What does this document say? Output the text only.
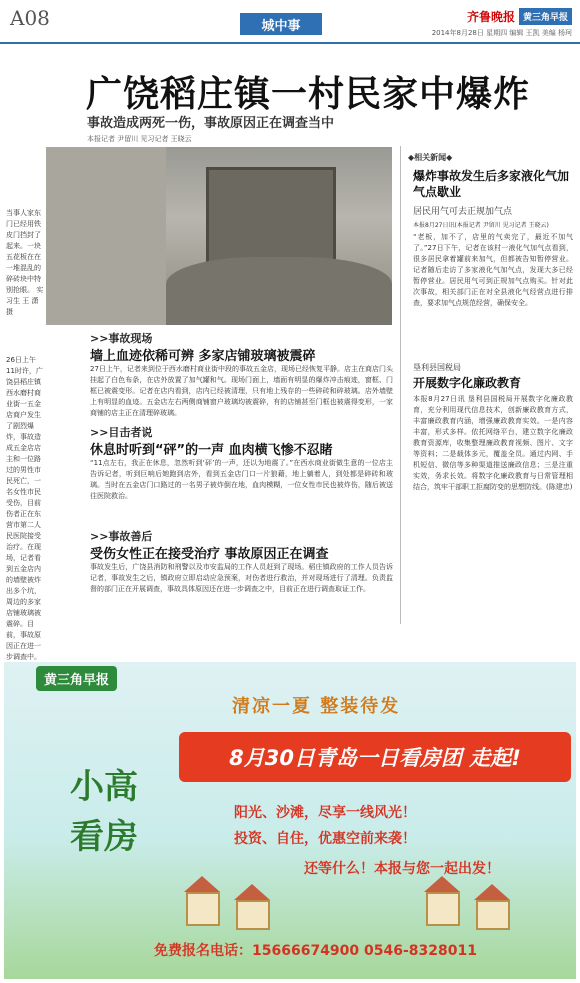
A08	城中事
齐鲁晚报 黄三角早报
2014年8月28日 星期四 编辑 王凯 美编 杨珂
广饶稻庄镇一村民家中爆炸
事故造成两死一伤，事故原因正在调查当中
本报记者 尹留川 见习记者 王晓云
当事人家东门已经用铁皮门挡封了起来。一块五花板在在一堆混乱的碎砖块中特别抢眼。 实习生 王 潇 摄
26日上午11时许，广饶县稻庄镇西水磨村商业街一五金店商户发生了剧烈爆炸，事故造成五金店店主和一位路过的男性市民死亡，一名女性市民受伤，目前伤者正在东营市第二人民医院接受治疗。在现场，记者看到五金店内的墙壁被炸出多个坑，周边的多家店铺玻璃被震碎。目前，事故原因正在进一步调查中。
>>事故现场
墙上血迹依稀可辨 多家店铺玻璃被震碎
27日上午，记者来到位于西水磨村商业街中段的事故五金店，现场已经恢复平静。店主在商店门头挂起了白色布条，在店外放置了加气罐和气。现场门面上，墙面有明显的爆炸冲击痕迹，窗框、门框已被震变形。记者在店内看到，店内已经被清理，只有地上残存的一些碎砖和碎玻璃。店外墙壁上有明显的血迹。五金店左右两侧商铺窗户玻璃均被震碎，有的店铺甚至门框也被震得变形，一家商铺的店主正在清理碎玻璃。
>>目击者说
休息时听到“砰”的一声 血肉横飞惨不忍睹
“11点左右，我正在休息，忽然听到‘砰’的一声，还以为地震了。”在西水商业街做生意的一位店主告诉记者，听到巨响后她跑到店外，看到五金店门口一片狼藉，地上躺着人，到处都是碎砖和玻璃。当时在五金店门口路过的一名男子被炸倒在地，血肉模糊，一位女性市民也被炸伤，随后被送往医院救治。
>>事故善后
受伤女性正在接受治疗 事故原因正在调查
事故发生后，广饶县消防和刑警以及市安监局的工作人员赶到了现场。稻庄镇政府的工作人员告诉记者，事故发生之后，镇政府立即启动应急预案，对伤者进行救治，并对现场进行了清理。负责监督的部门正在开展调查，事故具体原因还在进一步调查之中，目前正在进行调查取证工作。
◆相关新闻◆
爆炸事故发生后多家液化气加气点歇业
居民用气可去正规加气点
本报8月27日讯(本报记者 尹留川 见习记者 王晓云)
“老板，加不了，店里的气卖完了，最近不加气了。”27日下午，记者在该村一液化气加气点看到，很多居民拿着罐前来加气，但都被告知暂停营业。记者随后走访了多家液化气加气点，发现大多已经暂停营业。居民用气可到正规加气点购买。针对此次事故，相关部门正在对全县液化气经营点进行排查，要求加气点规范经营，确保安全。
垦利县国税局
开展数字化廉政教育
本报8月27日讯 垦利县国税局开展数字化廉政教育，充分利用现代信息技术，创新廉政教育方式，丰富廉政教育内涵，增强廉政教育实效。一是内容丰富，形式多样。依托网络平台，建立数字化廉政教育资源库，收集整理廉政教育视频、图片、文字等资料；二是载体多元，覆盖全员。通过内网、手机短信、微信等多种渠道推送廉政信息；三是注重实效，务求长效。将数字化廉政教育与日常管理相结合，筑牢干部职工拒腐防变的思想防线。(陈建忠)
黄三角早报
清凉一夏 整装待发
8月30日青岛一日看房团 走起!
小高
看房
阳光、沙滩，尽享一线风光！
投资、自住，优惠空前来袭！
还等什么！本报与您一起出发！
免费报名电话：15666674900 0546-8328011
